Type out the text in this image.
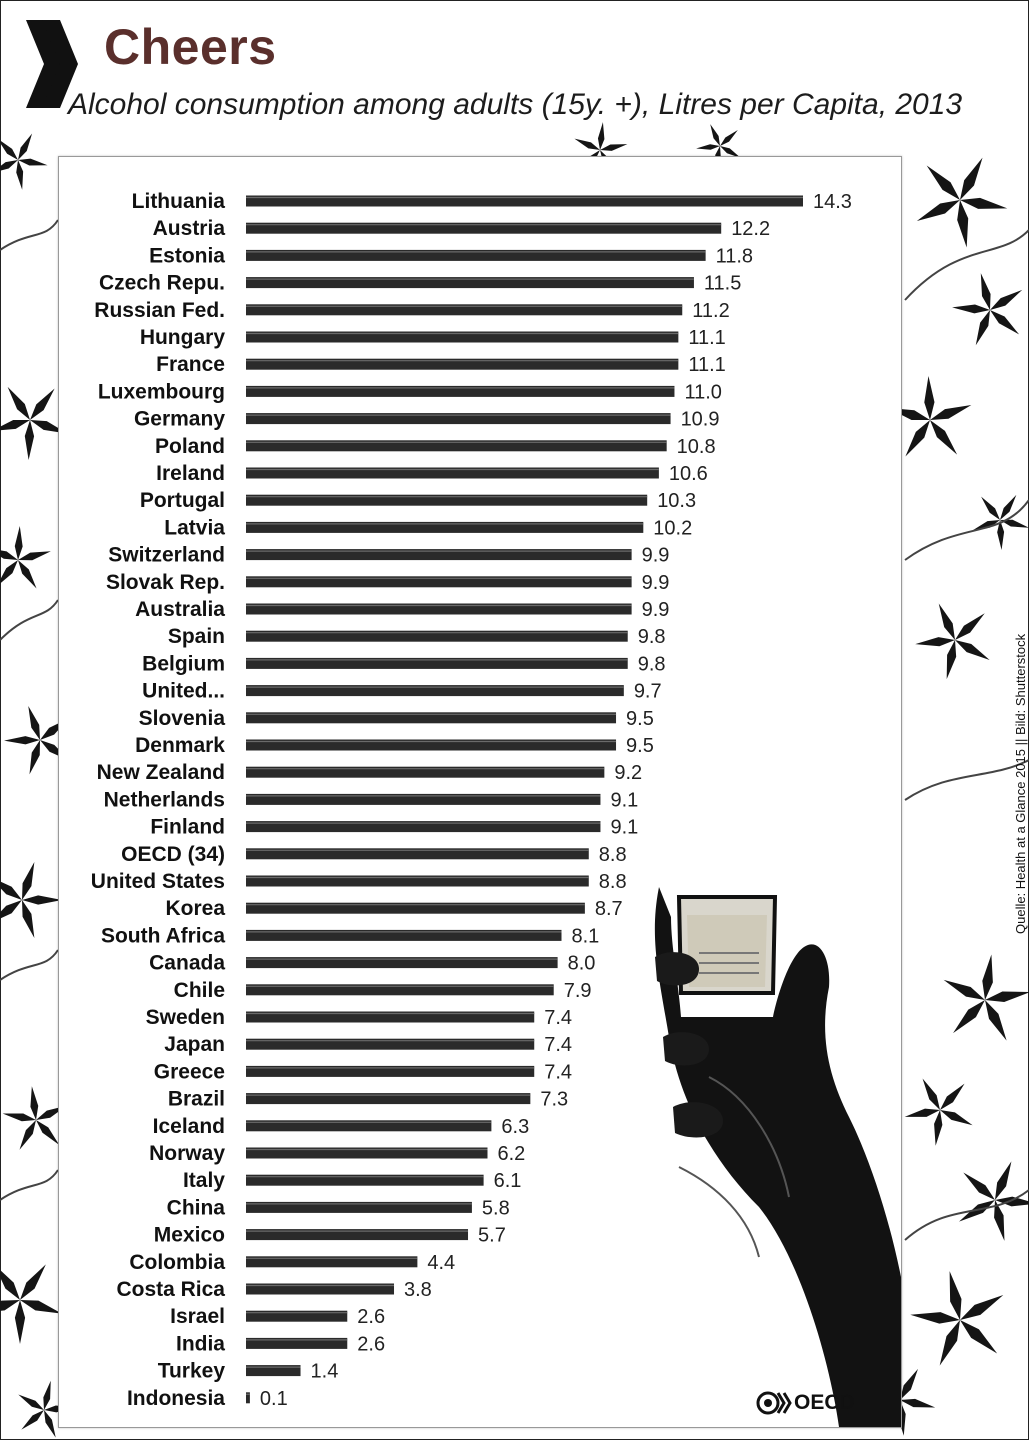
Cheers
Alcohol consumption among adults (15y. +), Litres per Capita, 2013
Lithuania	14.3
Austria	12.2
Estonia	11.8
Czech Repu.	11.5
Russian Fed.	11.2
Hungary	11.1
France	11.1
Luxembourg	11.0
Germany	10.9
Poland	10.8
Ireland	10.6
Portugal	10.3
Latvia	10.2
Switzerland	9.9
Slovak Rep.	9.9
Australia	9.9
Spain	9.8
Belgium	9.8
United...	9.7
Slovenia	9.5
Denmark	9.5
New Zealand	9.2
Netherlands	9.1
Finland	9.1
OECD (34)	8.8
United States	8.8
Korea	8.7
South Africa	8.1
Canada	8.0
Chile	7.9
Sweden	7.4
Japan	7.4
Greece	7.4
Brazil	7.3
Iceland	6.3
Norway	6.2
Italy	6.1
China	5.8
Mexico	5.7
Colombia	4.4
Costa Rica	3.8
Israel	2.6
India	2.6
Turkey	1.4
Indonesia 0.1
Quelle: Health at a Glance 2015 || Bild: Shutterstock
OECD
